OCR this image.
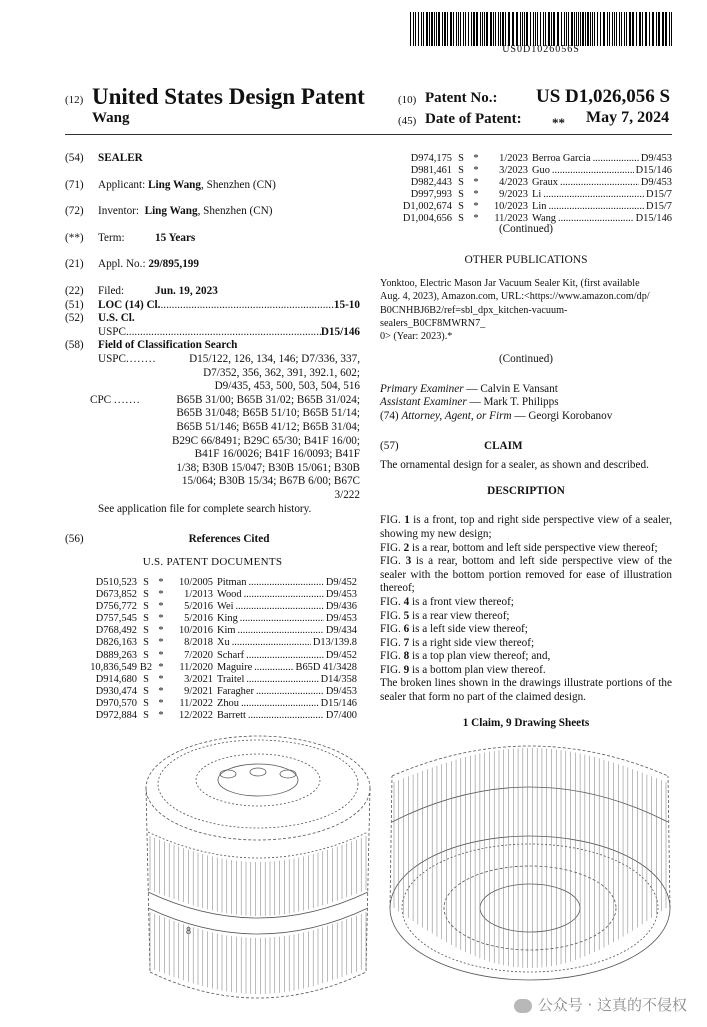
US0D1026056S
(12) United States Design Patent
Wang
(10) Patent No.: US D1,026,056 S
(45) Date of Patent: ** May 7, 2024
(54)	SEALER
(71)	Applicant:
Ling Wang , Shenzhen (CN)
(72)	Inventor:
Ling Wang , Shenzhen (CN)
(**)	Term:	15 Years
(21)	Appl. No.:
29/895,199
(22)	Filed:	Jun. 19, 2023
(51)	LOC (14) Cl. .....	15-10
(52)	U.S. Cl.
USPC .....	D15/146
(58)	Field of Classification Search
USPC ........	D15/122, 126, 134, 146; D7/336, 337,
D7/352, 356, 362, 391, 392.1, 602;
D9/435, 453, 500, 503, 504, 516
CPC .......	B65B 31/00; B65B 31/02; B65B 31/024;
B65B 31/048; B65B 51/10; B65B 51/14;
B65B 51/146; B65B 41/12; B65B 31/04;
B29C 66/8491; B29C 65/30; B41F 16/00;
B41F 16/0026; B41F 16/0093; B41F
1/38; B30B 15/047; B30B 15/061; B30B
15/064; B30B 15/34; B67B 6/00; B67C
3/222
See application file for complete search history.
(56)	References Cited
U.S. PATENT DOCUMENTS
D510,523 S *	10/2005 Pitman .....	D9/452
D673,852 S *	1/2013 Wood .....	D9/453
D756,772 S *	5/2016 Wei .....	D9/436
D757,545 S *	5/2016 King .....	D9/453
D768,492 S *	10/2016 Kim .....	D9/434
D826,163 S *	8/2018 Xu .....	D13/139.8
D889,263 S *	7/2020 Scharf .....	D9/452
10,836,549 B2 *	11/2020 Maguire .....	B65D 41/3428
D914,680 S *	3/2021 Traitel .....	D14/358
D930,474 S *	9/2021 Faragher .....	D9/453
D970,570 S *	11/2022 Zhou .....	D15/146
D972,884 S *	12/2022 Barrett .....	D7/400
D974,175 S *	1/2023 Berroa Garcia .....	D9/453
D981,461 S *	3/2023 Guo .....	D15/146
D982,443 S *	4/2023 Graux .....	D9/453
D997,993 S *	9/2023 Li .....	D15/7
D1,002,674 S *	10/2023 Lin .....	D15/7
D1,004,656 S *	11/2023 Wang .....	D15/146
(Continued)
OTHER PUBLICATIONS
Yonktoo, Electric Mason Jar Vacuum Sealer Kit, (first available
Aug. 4, 2023), Amazon.com, URL:<https://www.amazon.com/dp/
B0CNHBJ6B2/ref=sbl_dpx_kitchen-vacuum-sealers_B0CF8MWRN7_
0> (Year: 2023).*
(Continued)
Primary Examiner — Calvin E Vansant
Assistant Examiner — Mark T. Philipps
(74) Attorney, Agent, or Firm — Georgi Korobanov
(57)	CLAIM
The ornamental design for a sealer, as shown and described.
DESCRIPTION

FIG. 1 is a front, top and right side perspective view of a sealer, showing my new design;

FIG. 2 is a rear, bottom and left side perspective view thereof;

FIG. 3 is a rear, bottom and left side perspective view of the sealer with the bottom portion removed for ease of illustration thereof;

FIG. 4 is a front view thereof;

FIG. 5 is a rear view thereof;

FIG. 6 is a left side view thereof;

FIG. 7 is a right side view thereof;

FIG. 8 is a top plan view thereof; and,

FIG. 9 is a bottom plan view thereof.

The broken lines shown in the drawings illustrate portions of the sealer that form no part of the claimed design.
1 Claim, 9 Drawing Sheets
8
公众号 · 这真的不侵权
